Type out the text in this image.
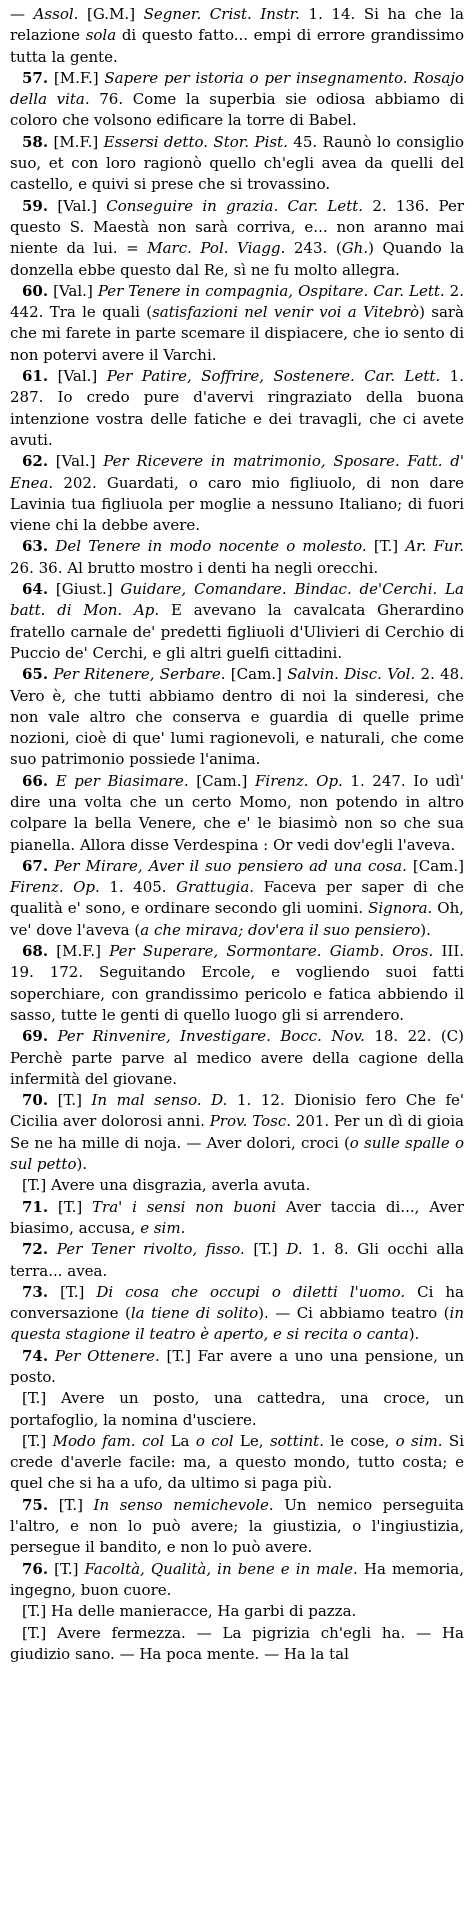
— Assol. [G.M.] Segner. Crist. Instr. 1. 14. Si ha che la relazione sola di questo fatto... empi di errore grandissimo tutta la gente.

57. [M.F.] Sapere per istoria o per insegnamento. Rosajo della vita. 76. Come la superbia sie odiosa abbiamo di coloro che volsono edificare la torre di Babel.

58. [M.F.] Essersi detto. Stor. Pist. 45. Raunò lo consiglio suo, et con loro ragionò quello ch'egli avea da quelli del castello, e quivi si prese che si trovassino.

59. [Val.] Conseguire in grazia. Car. Lett. 2. 136. Per questo S. Maestà non sarà corriva, e... non aranno mai niente da lui. = Marc. Pol. Viagg. 243. (Gh.) Quando la donzella ebbe questo dal Re, sì ne fu molto allegra.

60. [Val.] Per Tenere in compagnia, Ospitare. Car. Lett. 2. 442. Tra le quali (satisfazioni nel venir voi a Vitebrò) sarà che mi farete in parte scemare il dispiacere, che io sento di non potervi avere il Varchi.

61. [Val.] Per Patire, Soffrire, Sostenere. Car. Lett. 1. 287. Io credo pure d'avervi ringraziato della buona intenzione vostra delle fatiche e dei travagli, che ci avete avuti.

62. [Val.] Per Ricevere in matrimonio, Sposare. Fatt. d' Enea. 202. Guardati, o caro mio figliuolo, di non dare Lavinia tua figliuola per moglie a nessuno Italiano; di fuori viene chi la debbe avere.

63. Del Tenere in modo nocente o molesto. [T.] Ar. Fur. 26. 36. Al brutto mostro i denti ha negli orecchi.

64. [Giust.] Guidare, Comandare. Bindac. de'Cerchi. La batt. di Mon. Ap. E avevano la cavalcata Gherardino fratello carnale de' predetti figliuoli d'Ulivieri di Cerchio di Puccio de' Cerchi, e gli altri guelfi cittadini.

65. Per Ritenere, Serbare. [Cam.] Salvin. Disc. Vol. 2. 48. Vero è, che tutti abbiamo dentro di noi la sinderesi, che non vale altro che conserva e guardia di quelle prime nozioni, cioè di que' lumi ragionevoli, e naturali, che come suo patrimonio possiede l'anima.

66. E per Biasimare. [Cam.] Firenz. Op. 1. 247. Io udì' dire una volta che un certo Momo, non potendo in altro colpare la bella Venere, che e' le biasimò non so che sua pianella. Allora disse Verdespina : Or vedi dov'egli l'aveva.

67. Per Mirare, Aver il suo pensiero ad una cosa. [Cam.] Firenz. Op. 1. 405. Grattugia. Faceva per saper di che qualità e' sono, e ordinare secondo gli uomini. Signora. Oh, ve' dove l'aveva (a che mirava; dov'era il suo pensiero).

68. [M.F.] Per Superare, Sormontare. Giamb. Oros. III. 19. 172. Seguitando Ercole, e vogliendo suoi fatti soperchiare, con grandissimo pericolo e fatica abbiendo il sasso, tutte le genti di quello luogo gli si arrendero.

69. Per Rinvenire, Investigare. Bocc. Nov. 18. 22. (C) Perchè parte parve al medico avere della cagione della infermità del giovane.

70. [T.] In mal senso. D. 1. 12. Dionisio fero Che fe' Cicilia aver dolorosi anni. Prov. Tosc. 201. Per un dì di gioia Se ne ha mille di noja. — Aver dolori, croci (o sulle spalle o sul petto).

[T.] Avere una disgrazia, averla avuta.

71. [T.] Tra' i sensi non buoni Aver taccia di..., Aver biasimo, accusa, e sim.

72. Per Tener rivolto, fisso. [T.] D. 1. 8. Gli occhi alla terra... avea.

73. [T.] Di cosa che occupi o diletti l'uomo. Ci ha conversazione (la tiene di solito). — Ci abbiamo teatro (in questa stagione il teatro è aperto, e si recita o canta).

74. Per Ottenere. [T.] Far avere a uno una pensione, un posto.

[T.] Avere un posto, una cattedra, una croce, un portafoglio, la nomina d'usciere.

[T.] Modo fam. col La o col Le, sottint. le cose, o sim. Si crede d'averle facile: ma, a questo mondo, tutto costa; e quel che si ha a ufo, da ultimo si paga più.

75. [T.] In senso nemichevole. Un nemico perseguita l'altro, e non lo può avere; la giustizia, o l'ingiustizia, persegue il bandito, e non lo può avere.

76. [T.] Facoltà, Qualità, in bene e in male. Ha memoria, ingegno, buon cuore.

[T.] Ha delle manieracce, Ha garbi di pazza.

[T.] Avere fermezza. — La pigrizia ch'egli ha. — Ha giudizio sano. — Ha poca mente. — Ha la tal
